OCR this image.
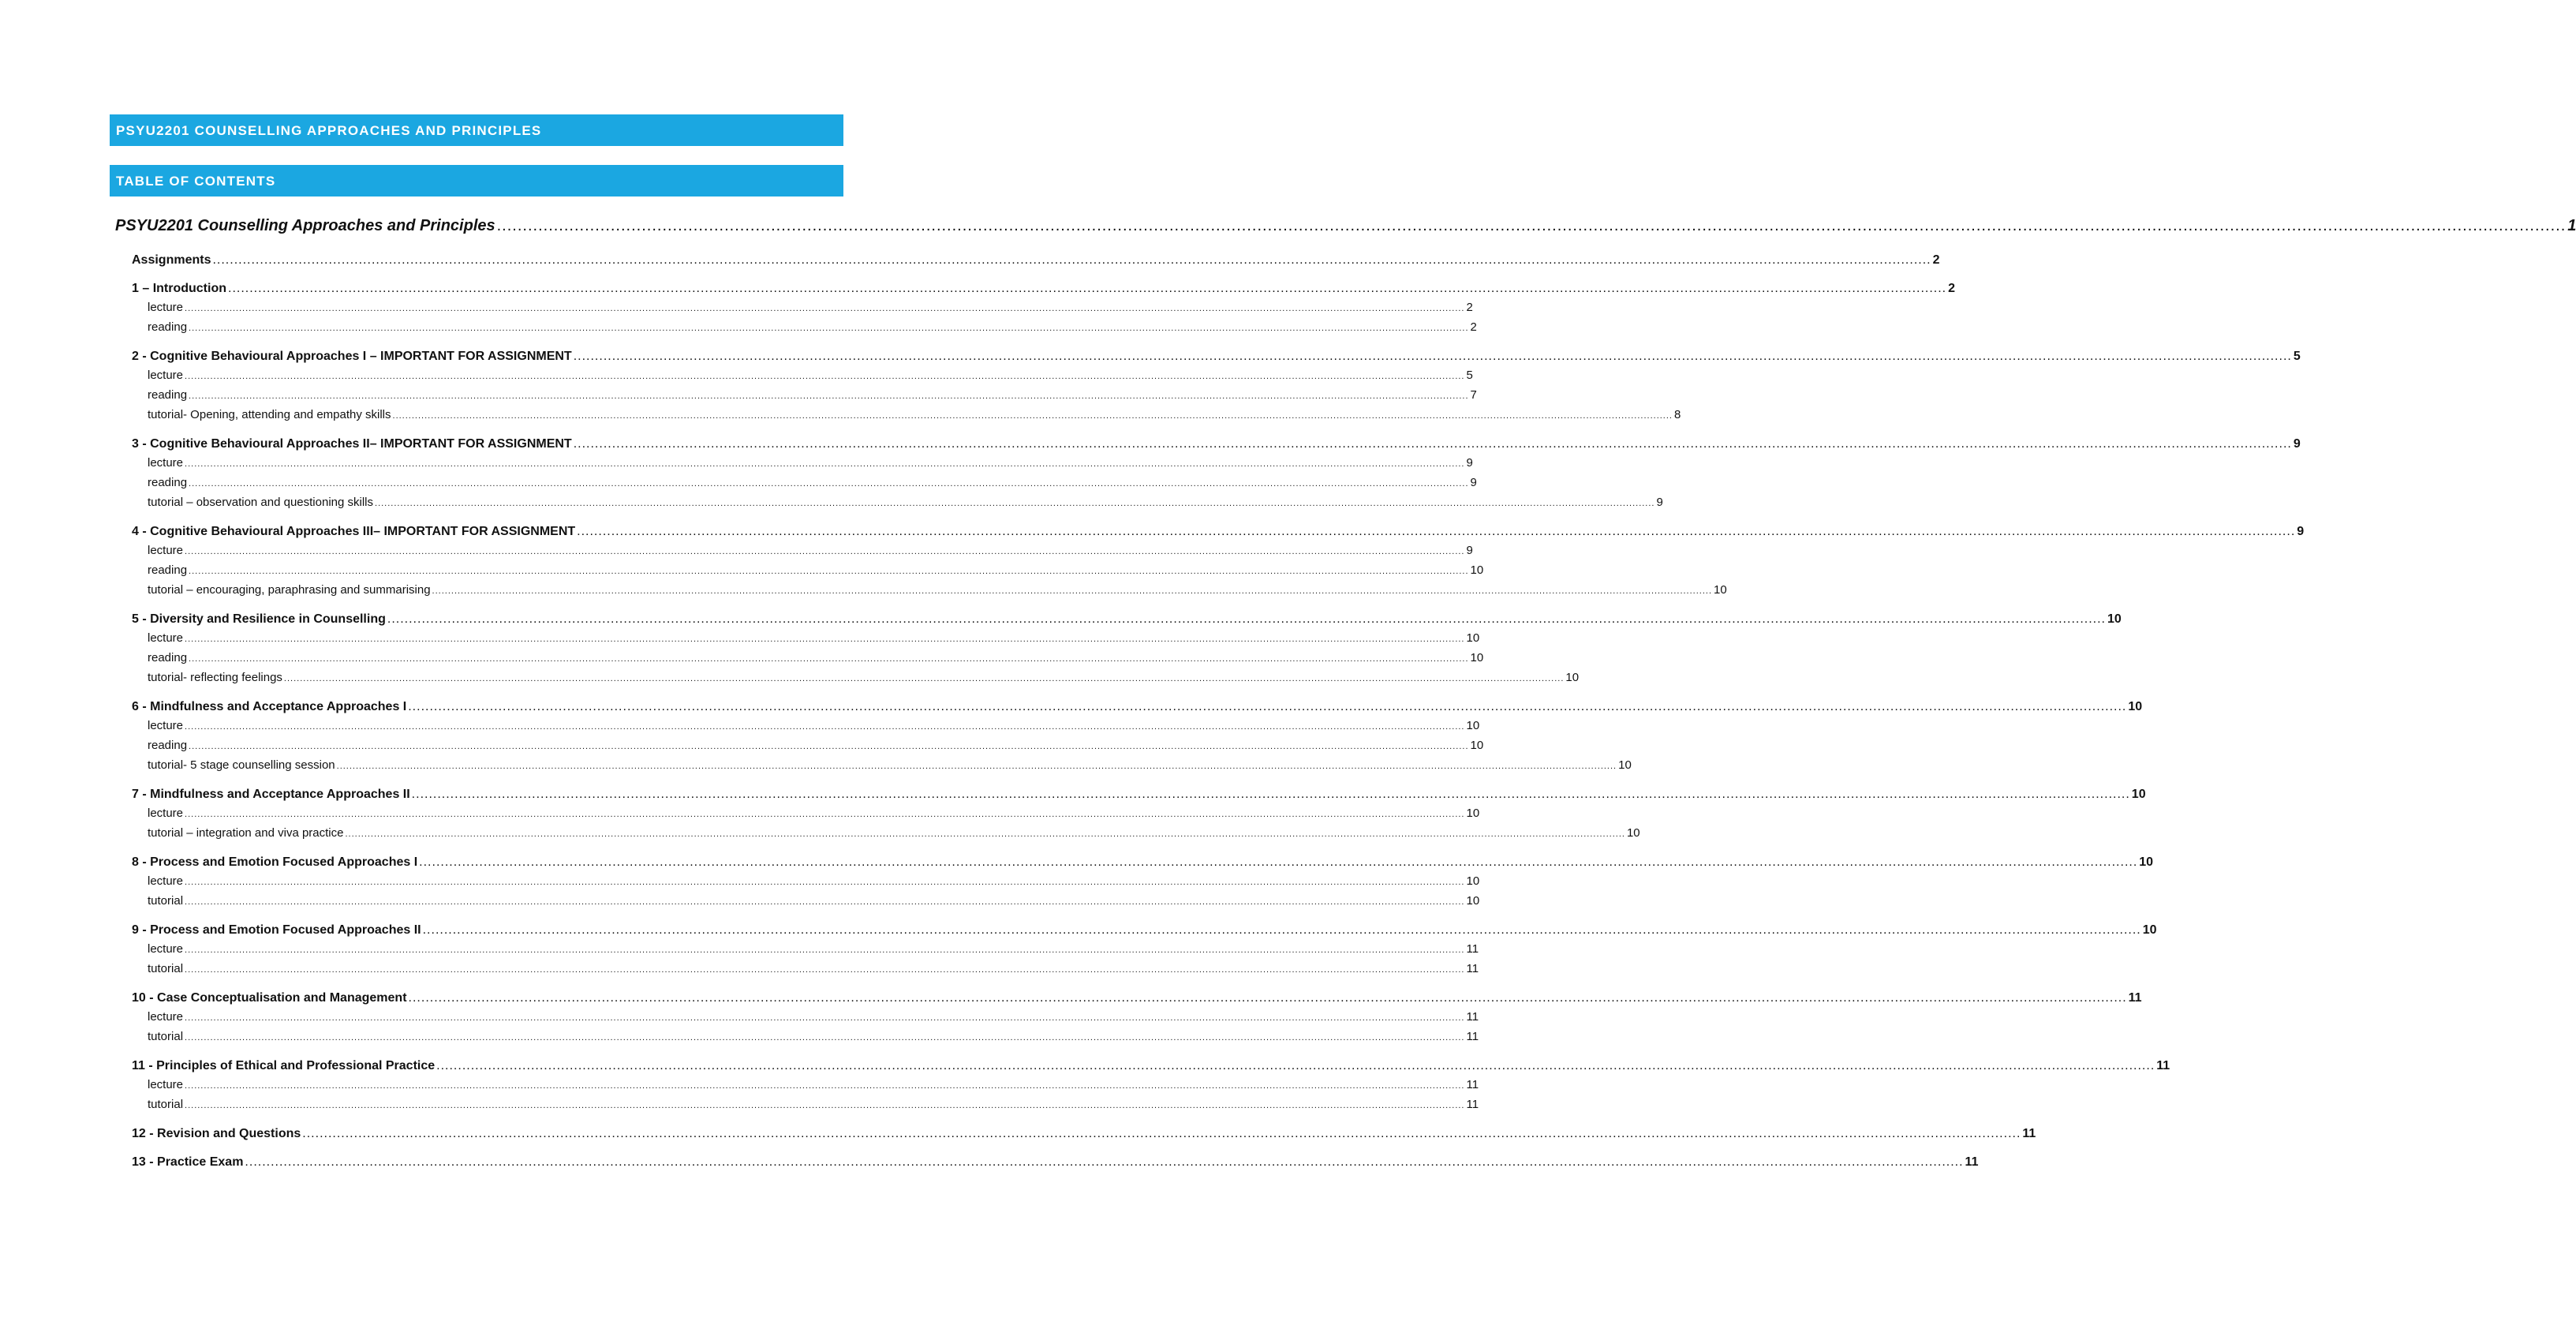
PSYU2201 COUNSELLING APPROACHES AND PRINCIPLES
TABLE OF CONTENTS
PSYU2201 Counselling Approaches and Principles ................................................................................................................................................................................................................................................................................................................................................................................................................ 1
Assignments ................................................................................................................................................................................................................................................................................................................................................................................................................ 2
1 – Introduction ................................................................................................................................................................................................................................................................................................................................................................................................................ 2
lecture ................................................................................................................................................................................................................................................................................................................................................................................................................ 2
reading ................................................................................................................................................................................................................................................................................................................................................................................................................ 2
2 - Cognitive Behavioural Approaches I – IMPORTANT FOR ASSIGNMENT ................................................................................................................................................................................................................................................................................................................................................................................................................ 5
lecture ................................................................................................................................................................................................................................................................................................................................................................................................................ 5
reading ................................................................................................................................................................................................................................................................................................................................................................................................................ 7
tutorial- Opening, attending and empathy skills ................................................................................................................................................................................................................................................................................................................................................................................................................ 8
3 - Cognitive Behavioural Approaches II– IMPORTANT FOR ASSIGNMENT ................................................................................................................................................................................................................................................................................................................................................................................................................ 9
lecture ................................................................................................................................................................................................................................................................................................................................................................................................................ 9
reading ................................................................................................................................................................................................................................................................................................................................................................................................................ 9
tutorial – observation and questioning skills ................................................................................................................................................................................................................................................................................................................................................................................................................ 9
4 - Cognitive Behavioural Approaches III– IMPORTANT FOR ASSIGNMENT ................................................................................................................................................................................................................................................................................................................................................................................................................ 9
lecture ................................................................................................................................................................................................................................................................................................................................................................................................................ 9
reading ................................................................................................................................................................................................................................................................................................................................................................................................................ 10
tutorial – encouraging, paraphrasing and summarising ................................................................................................................................................................................................................................................................................................................................................................................................................ 10
5 - Diversity and Resilience in Counselling ................................................................................................................................................................................................................................................................................................................................................................................................................ 10
lecture ................................................................................................................................................................................................................................................................................................................................................................................................................ 10
reading ................................................................................................................................................................................................................................................................................................................................................................................................................ 10
tutorial- reflecting feelings ................................................................................................................................................................................................................................................................................................................................................................................................................ 10
6 - Mindfulness and Acceptance Approaches I ................................................................................................................................................................................................................................................................................................................................................................................................................ 10
lecture ................................................................................................................................................................................................................................................................................................................................................................................................................ 10
reading ................................................................................................................................................................................................................................................................................................................................................................................................................ 10
tutorial- 5 stage counselling session ................................................................................................................................................................................................................................................................................................................................................................................................................ 10
7 - Mindfulness and Acceptance Approaches II ................................................................................................................................................................................................................................................................................................................................................................................................................ 10
lecture ................................................................................................................................................................................................................................................................................................................................................................................................................ 10
tutorial – integration and viva practice ................................................................................................................................................................................................................................................................................................................................................................................................................ 10
8 - Process and Emotion Focused Approaches I ................................................................................................................................................................................................................................................................................................................................................................................................................ 10
lecture ................................................................................................................................................................................................................................................................................................................................................................................................................ 10
tutorial ................................................................................................................................................................................................................................................................................................................................................................................................................ 10
9 - Process and Emotion Focused Approaches II ................................................................................................................................................................................................................................................................................................................................................................................................................ 10
lecture ................................................................................................................................................................................................................................................................................................................................................................................................................ 11
tutorial ................................................................................................................................................................................................................................................................................................................................................................................................................ 11
10 - Case Conceptualisation and Management ................................................................................................................................................................................................................................................................................................................................................................................................................ 11
lecture ................................................................................................................................................................................................................................................................................................................................................................................................................ 11
tutorial ................................................................................................................................................................................................................................................................................................................................................................................................................ 11
11 - Principles of Ethical and Professional Practice ................................................................................................................................................................................................................................................................................................................................................................................................................ 11
lecture ................................................................................................................................................................................................................................................................................................................................................................................................................ 11
tutorial ................................................................................................................................................................................................................................................................................................................................................................................................................ 11
12 - Revision and Questions ................................................................................................................................................................................................................................................................................................................................................................................................................ 11
13 - Practice Exam ................................................................................................................................................................................................................................................................................................................................................................................................................ 11
